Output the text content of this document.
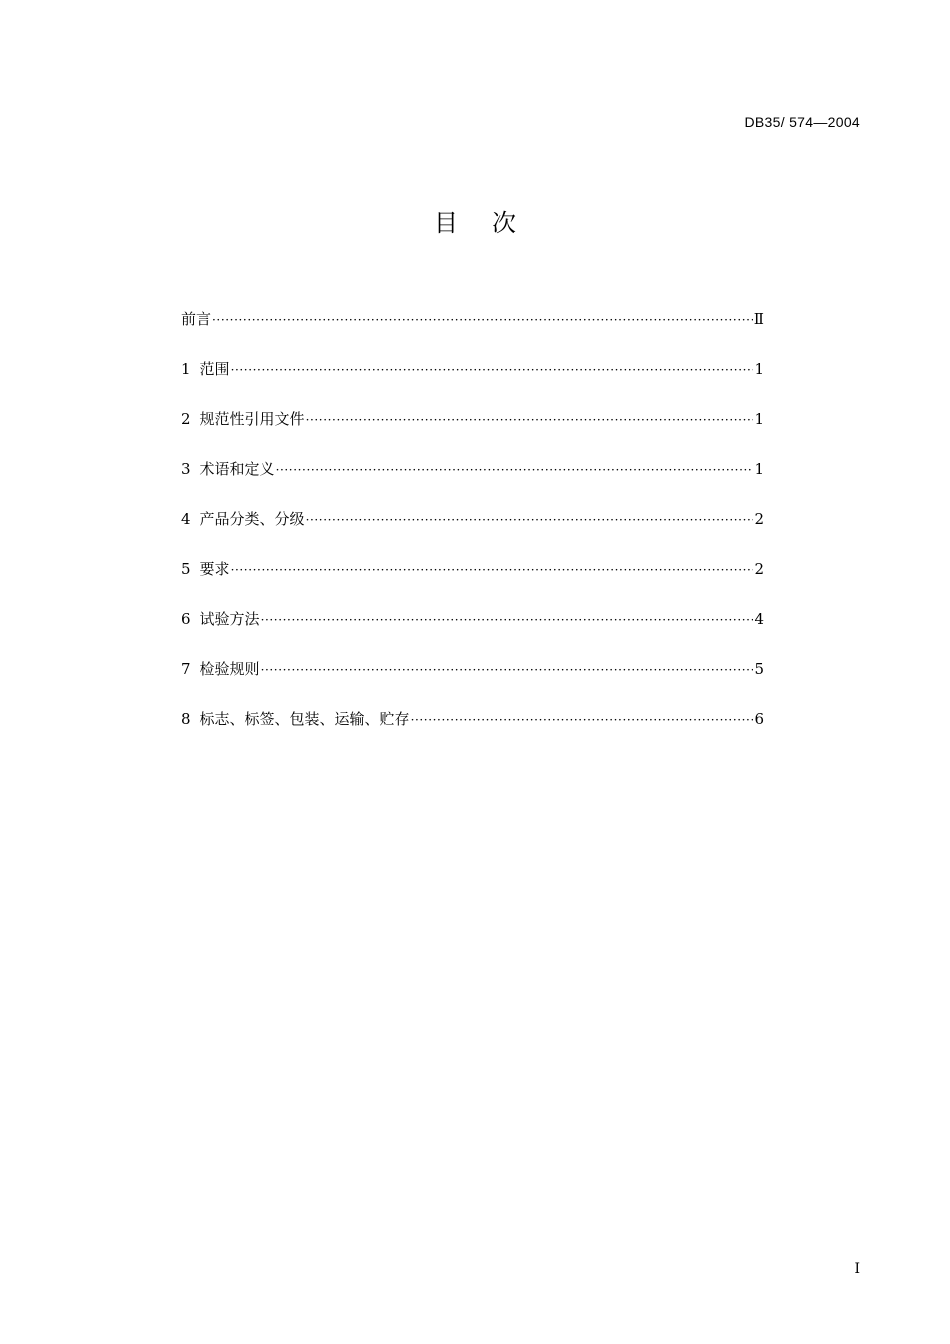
DB35/ 574—2004
目次
前言 ·····	Ⅱ
1 范围 ·····	1
2 规范性引用文件 ·····	1
3 术语和定义 ·····	1
4 产品分类、分级 ·····	2
5 要求 ·····	2
6 试验方法 ·····	4
7 检验规则 ·····	5
8 标志、标签、包装、运输、贮存 ·····	6
I
